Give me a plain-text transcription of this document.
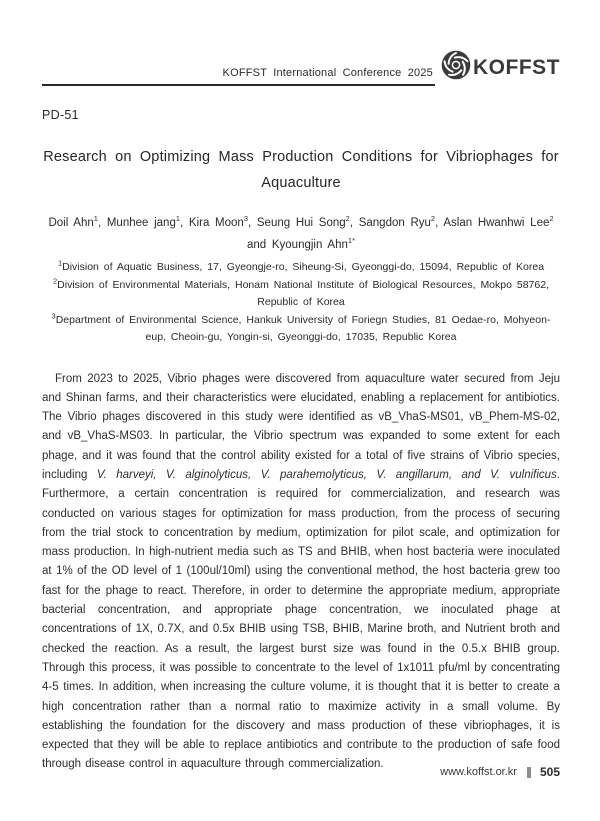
KOFFST International Conference 2025 KOFFST
PD-51
Research on Optimizing Mass Production Conditions for Vibriophages for
Aquaculture
Doil Ahn$^1$, Munhee jang$^1$, Kira Moon$^3$, Seung Hui Song$^2$, Sangdon Ryu$^2$, Aslan Hwanhwi Lee$^2$
and Kyoungjin Ahn$^{1*}$
$^1$Division of Aquatic Business, 17, Gyeongje-ro, Siheung-Si, Gyeonggi-do, 15094, Republic of Korea
$^2$Division of Environmental Materials, Honam National Institute of Biological Resources, Mokpo 58762, Republic of Korea
$^3$Department of Environmental Science, Hankuk University of Foriegn Studies, 81 Oedae-ro, Mohyeon-eup, Cheoin-gu, Yongin-si, Gyeonggi-do, 17035, Republic Korea

From 2023 to 2025, Vibrio phages were discovered from aquaculture water secured from Jeju and Shinan farms, and their characteristics were elucidated, enabling a replacement for antibiotics. The Vibrio phages discovered in this study were identified as vB_VhaS-MS01, vB_Phem-MS-02, and vB_VhaS-MS03. In particular, the Vibrio spectrum was expanded to some extent for each phage, and it was found that the control ability existed for a total of five strains of Vibrio species, including V. harveyi, V. alginolyticus, V. parahemolyticus, V. angillarum, and V. vulnificus. Furthermore, a certain concentration is required for commercialization, and research was conducted on various stages for optimization for mass production, from the process of securing from the trial stock to concentration by medium, optimization for pilot scale, and optimization for mass production. In high-nutrient media such as TS and BHIB, when host bacteria were inoculated at 1% of the OD level of 1 (100ul/10ml) using the conventional method, the host bacteria grew too fast for the phage to react. Therefore, in order to determine the appropriate medium, appropriate bacterial concentration, and appropriate phage concentration, we inoculated phage at concentrations of 1X, 0.7X, and 0.5x BHIB using TSB, BHIB, Marine broth, and Nutrient broth and checked the reaction. As a result, the largest burst size was found in the 0.5.x BHIB group. Through this process, it was possible to concentrate to the level of 1x1011 pfu/ml by concentrating 4-5 times. In addition, when increasing the culture volume, it is thought that it is better to create a high concentration rather than a normal ratio to maximize activity in a small volume. By establishing the foundation for the discovery and mass production of these vibriophages, it is expected that they will be able to replace antibiotics and contribute to the production of safe food through disease control in aquaculture through commercialization.

www.koffst.or.kr 505
